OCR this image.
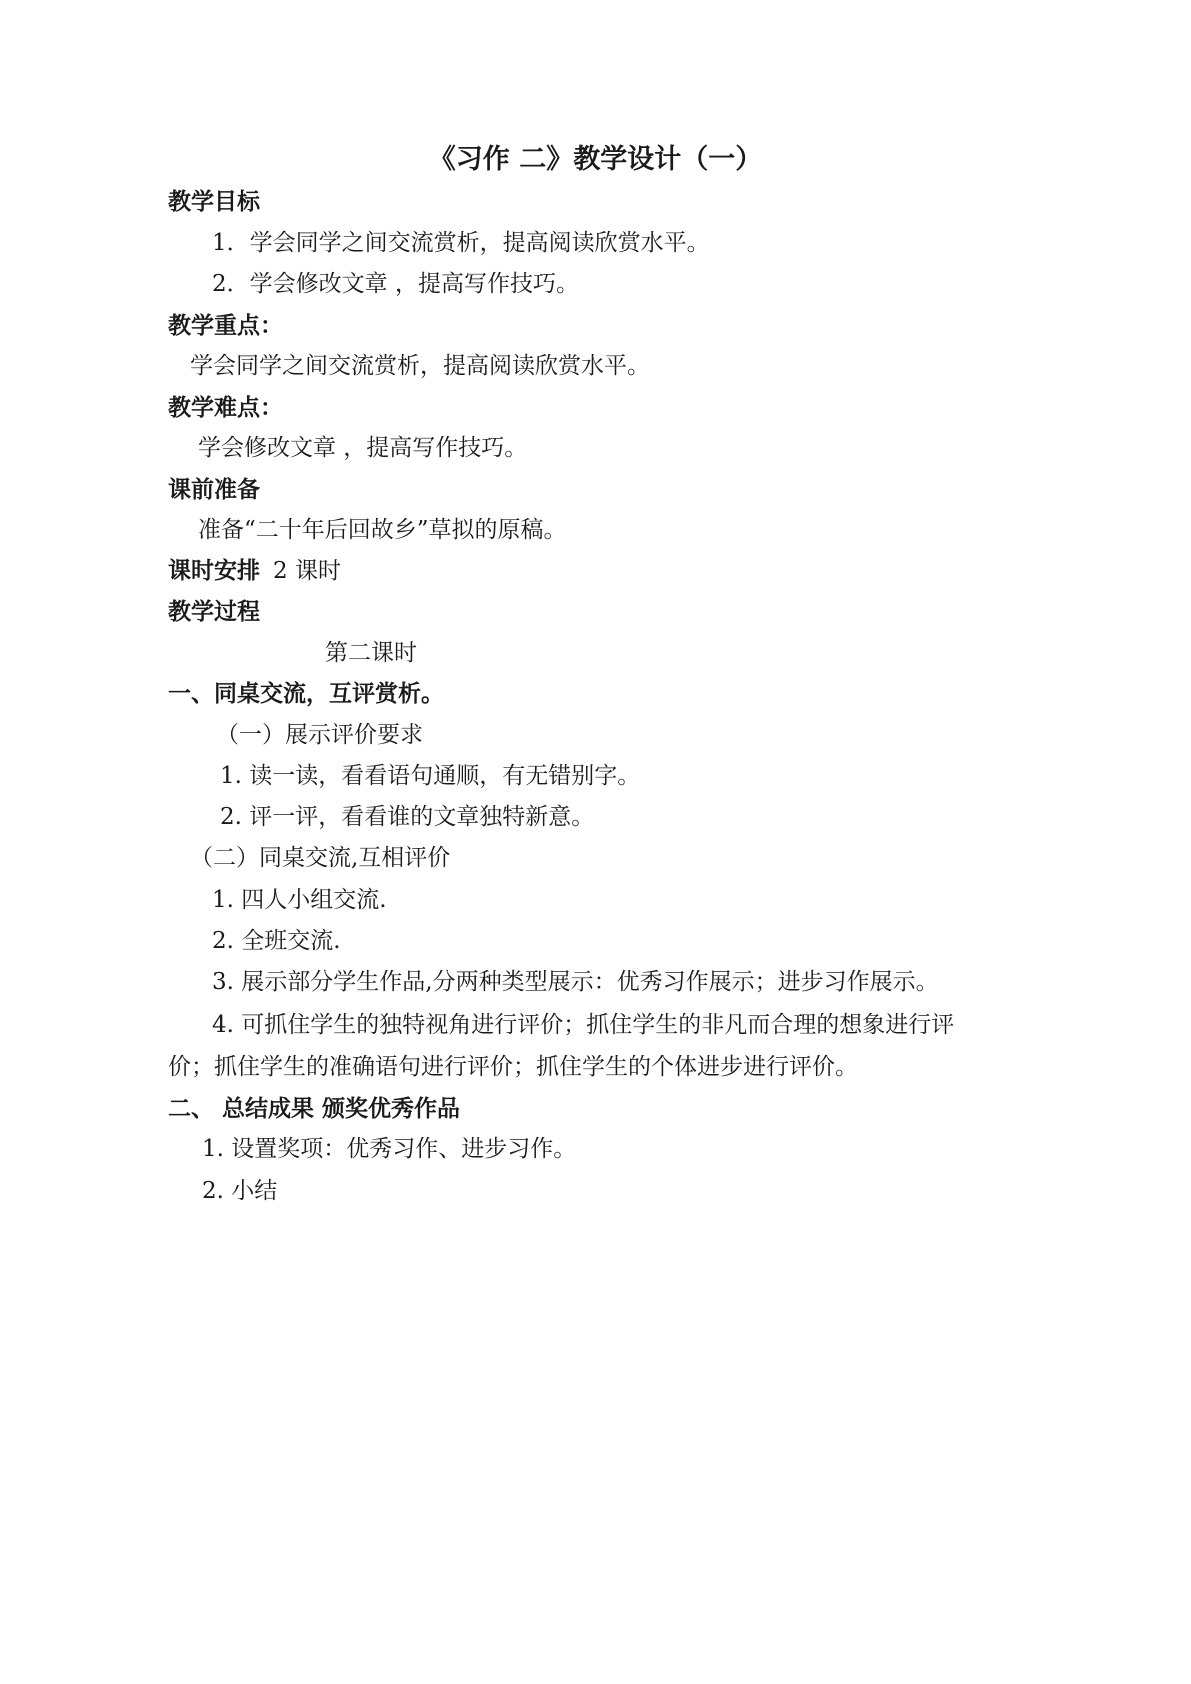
《习作 二》教学设计（一）
教学目标
1．学会同学之间交流赏析，提高阅读欣赏水平。
2．学会修改文章 ，提高写作技巧。
教学重点：
学会同学之间交流赏析，提高阅读欣赏水平。
教学难点：
学会修改文章 ，提高写作技巧。
课前准备
准备“二十年后回故乡”草拟的原稿。
课时安排 2 课时
教学过程
第二课时
一、同桌交流，互评赏析。
（一）展示评价要求
1. 读一读，看看语句通顺，有无错别字。
2. 评一评，看看谁的文章独特新意。
（二）同桌交流,互相评价
1. 四人小组交流.
2. 全班交流.
3. 展示部分学生作品,分两种类型展示：优秀习作展示；进步习作展示。
4. 可抓住学生的独特视角进行评价；抓住学生的非凡而合理的想象进行评
价；抓住学生的准确语句进行评价；抓住学生的个体进步进行评价。
二、 总结成果 颁奖优秀作品
1. 设置奖项：优秀习作、进步习作。
2. 小结
